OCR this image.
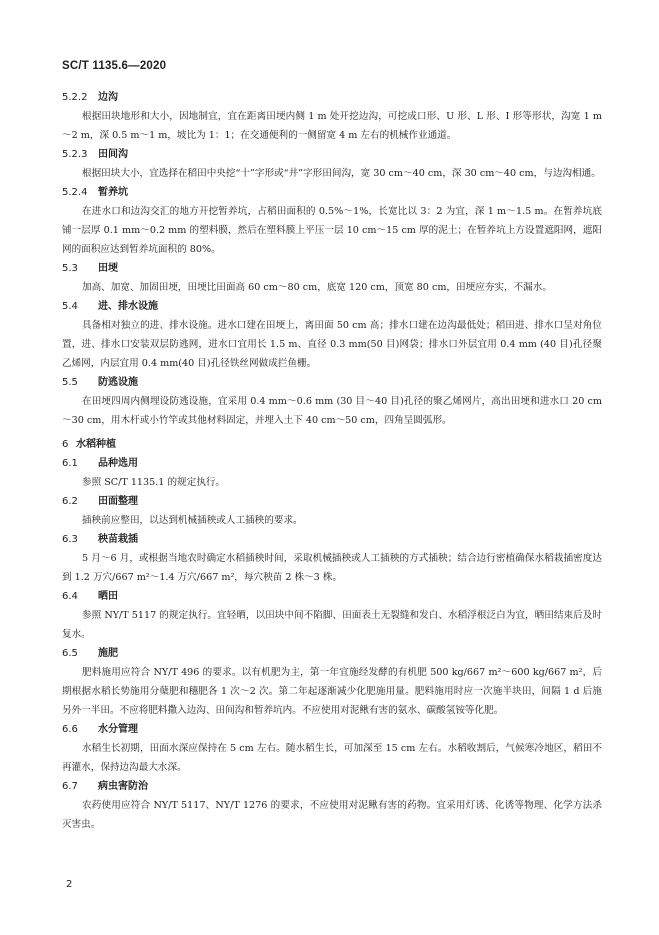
SC/T 1135.6—2020
5.2.2 边沟

根据田块地形和大小，因地制宜，宜在距离田埂内侧 1 m 处开挖边沟，可挖成口形、U 形、L 形、I 形等形状，沟宽 1 m～2 m，深 0.5 m～1 m，坡比为 1：1；在交通便利的一侧留宽 4 m 左右的机械作业通道。

5.2.3 田间沟

根据田块大小，宜选择在稻田中央挖“十”字形或“井”字形田间沟，宽 30 cm～40 cm，深 30 cm～40 cm，与边沟相通。

5.2.4 暂养坑

在进水口和边沟交汇的地方开挖暂养坑，占稻田面积的 0.5%～1%，长宽比以 3：2 为宜，深 1 m～1.5 m。在暂养坑底铺一层厚 0.1 mm～0.2 mm 的塑料膜，然后在塑料膜上平压一层 10 cm～15 cm 厚的泥土；在暂养坑上方设置遮阳网，遮阳网的面积应达到暂养坑面积的 80%。

5.3 田埂

加高、加宽、加固田埂，田埂比田面高 60 cm～80 cm，底宽 120 cm，顶宽 80 cm，田埂应夯实，不漏水。

5.4 进、排水设施

具备相对独立的进、排水设施。进水口建在田埂上，离田面 50 cm 高；排水口建在边沟最低处；稻田进、排水口呈对角位置，进、排水口安装双层防逃网，进水口宜用长 1.5 m、直径 0.3 mm(50 目)网袋；排水口外层宜用 0.4 mm (40 目)孔径聚乙烯网，内层宜用 0.4 mm(40 目)孔径铁丝网做成拦鱼栅。

5.5 防逃设施

在田埂四周内侧埋设防逃设施，宜采用 0.4 mm～0.6 mm (30 目～40 目)孔径的聚乙烯网片，高出田埂和进水口 20 cm～30 cm，用木杆或小竹竿或其他材料固定，并埋入土下 40 cm～50 cm，四角呈圆弧形。

6 水稻种植
6.1 品种选用

参照 SC/T 1135.1 的规定执行。

6.2 田面整理

插秧前应整田，以达到机械插秧或人工插秧的要求。

6.3 秧苗栽插

5 月～6 月，或根据当地农时确定水稻插秧时间，采取机械插秧或人工插秧的方式插秧；结合边行密植确保水稻栽插密度达到 1.2 万穴/667 m²～1.4 万穴/667 m²，每穴秧苗 2 株～3 株。

6.4 晒田

参照 NY/T 5117 的规定执行。宜轻晒，以田块中间不陷脚、田面表土无裂缝和发白、水稻浮根泛白为宜，晒田结束后及时复水。

6.5 施肥

肥料施用应符合 NY/T 496 的要求。以有机肥为主，第一年宜施经发酵的有机肥 500 kg/667 m²～600 kg/667 m²，后期根据水稻长势施用分蘖肥和穗肥各 1 次～2 次。第二年起逐渐减少化肥施用量。肥料施用时应一次施半块田，间隔 1 d 后施另外一半田。不应将肥料撒入边沟、田间沟和暂养坑内。不应使用对泥鳅有害的氨水、碳酸氢铵等化肥。

6.6 水分管理

水稻生长初期，田面水深应保持在 5 cm 左右。随水稻生长，可加深至 15 cm 左右。水稻收割后，气候寒冷地区，稻田不再灌水，保持边沟最大水深。

6.7 病虫害防治

农药使用应符合 NY/T 5117、NY/T 1276 的要求，不应使用对泥鳅有害的药物。宜采用灯诱、化诱等物理、化学方法杀灭害虫。

2
